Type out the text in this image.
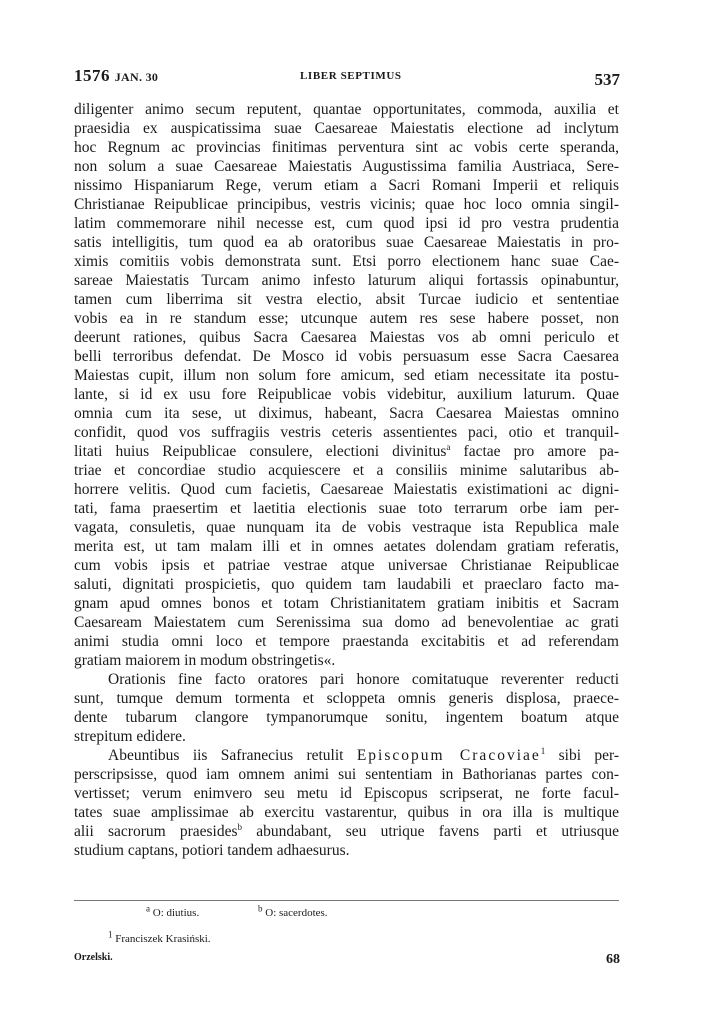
1576 JAN. 30	LIBER SEPTIMUS	537
diligenter animo secum reputent, quantae opportunitates, commoda, auxilia et
praesidia ex auspicatissima suae Caesareae Maiestatis electione ad inclytum
hoc Regnum ac provincias finitimas perventura sint ac vobis certe speranda,
non solum a suae Caesareae Maiestatis Augustissima familia Austriaca, Sere-
nissimo Hispaniarum Rege, verum etiam a Sacri Romani Imperii et reliquis
Christianae Reipublicae principibus, vestris vicinis; quae hoc loco omnia singil-
latim commemorare nihil necesse est, cum quod ipsi id pro vestra prudentia
satis intelligitis, tum quod ea ab oratoribus suae Caesareae Maiestatis in pro-
ximis comitiis vobis demonstrata sunt. Etsi porro electionem hanc suae Cae-
sareae Maiestatis Turcam animo infesto laturum aliqui fortassis opinabuntur,
tamen cum liberrima sit vestra electio, absit Turcae iudicio et sententiae
vobis ea in re standum esse; utcunque autem res sese habere posset, non
deerunt rationes, quibus Sacra Caesarea Maiestas vos ab omni periculo et
belli terroribus defendat. De Mosco id vobis persuasum esse Sacra Caesarea
Maiestas cupit, illum non solum fore amicum, sed etiam necessitate ita postu-
lante, si id ex usu fore Reipublicae vobis videbitur, auxilium laturum. Quae
omnia cum ita sese, ut diximus, habeant, Sacra Caesarea Maiestas omnino
confidit, quod vos suffragiis vestris ceteris assentientes paci, otio et tranquil-
litati huius Reipublicae consulere, electioni divinitus$^a$ factae pro amore pa-
triae et concordiae studio acquiescere et a consiliis minime salutaribus ab-
horrere velitis. Quod cum facietis, Caesareae Maiestatis existimationi ac digni-
tati, fama praesertim et laetitia electionis suae toto terrarum orbe iam per-
vagata, consuletis, quae nunquam ita de vobis vestraque ista Republica male
merita est, ut tam malam illi et in omnes aetates dolendam gratiam referatis,
cum vobis ipsis et patriae vestrae atque universae Christianae Reipublicae
saluti, dignitati prospicietis, quo quidem tam laudabili et praeclaro facto ma-
gnam apud omnes bonos et totam Christianitatem gratiam inibitis et Sacram
Caesaream Maiestatem cum Serenissima sua domo ad benevolentiae ac grati
animi studia omni loco et tempore praestanda excitabitis et ad referendam
gratiam maiorem in modum obstringetis«.
Orationis fine facto oratores pari honore comitatuque reverenter reducti
sunt, tumque demum tormenta et scloppeta omnis generis displosa, praece-
dente tubarum clangore tympanorumque sonitu, ingentem boatum atque
strepitum edidere.
Abeuntibus iis Safranecius retulit Episcopum Cracoviae$^1$ sibi per-
perscripsisse, quod iam omnem animi sui sententiam in Bathorianas partes con-
vertisset; verum enimvero seu metu id Episcopus scripserat, ne forte facul-
tates suae amplissimae ab exercitu vastarentur, quibus in ora illa is multique
alii sacrorum praesides$^b$ abundabant, seu utrique favens parti et utriusque
studium captans, potiori tandem adhaesurus.
$^a$ O: diutius.	$^b$ O: sacerdotes.
$^1$ Franciszek Krasiński.
Orzelski.	68
